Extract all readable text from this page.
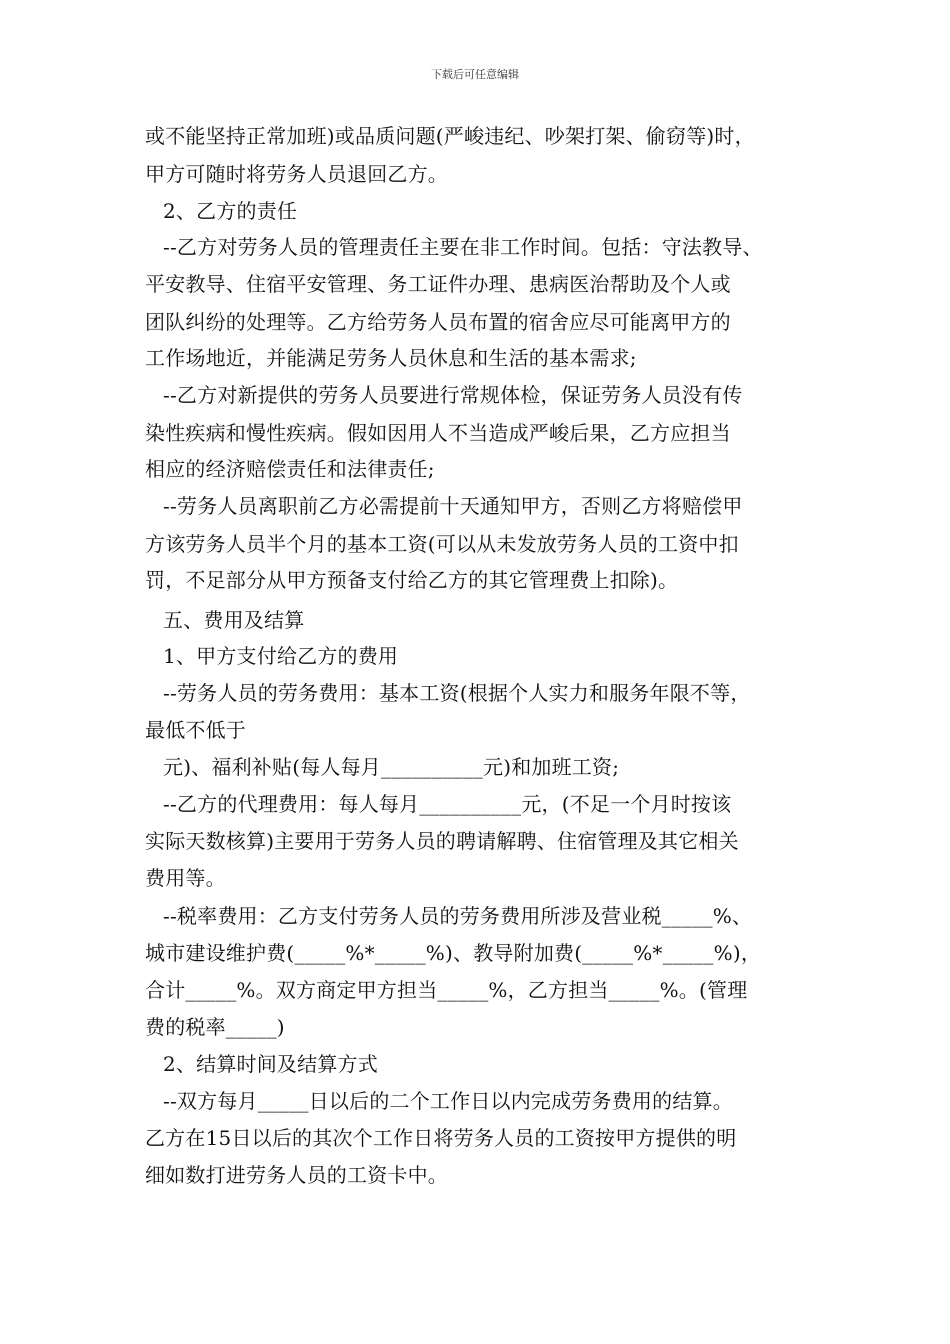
下载后可任意编辑
或不能坚持正常加班)或品质问题(严峻违纪、吵架打架、偷窃等)时，
甲方可随时将劳务人员退回乙方。
2、乙方的责任
--乙方对劳务人员的管理责任主要在非工作时间。包括：守法教导、
平安教导、住宿平安管理、务工证件办理、患病医治帮助及个人或
团队纠纷的处理等。乙方给劳务人员布置的宿舍应尽可能离甲方的
工作场地近，并能满足劳务人员休息和生活的基本需求;
--乙方对新提供的劳务人员要进行常规体检，保证劳务人员没有传
染性疾病和慢性疾病。假如因用人不当造成严峻后果，乙方应担当
相应的经济赔偿责任和法律责任;
--劳务人员离职前乙方必需提前十天通知甲方，否则乙方将赔偿甲
方该劳务人员半个月的基本工资(可以从未发放劳务人员的工资中扣
罚，不足部分从甲方预备支付给乙方的其它管理费上扣除)。
五、费用及结算
1、甲方支付给乙方的费用
--劳务人员的劳务费用：基本工资(根据个人实力和服务年限不等，
最低不低于
元)、福利补贴(每人每月__________元)和加班工资;
--乙方的代理费用：每人每月__________元，(不足一个月时按该
实际天数核算)主要用于劳务人员的聘请解聘、住宿管理及其它相关
费用等。
--税率费用：乙方支付劳务人员的劳务费用所涉及营业税_____%、
城市建设维护费(_____%*_____%)、教导附加费(_____%*_____%)，
合计_____%。双方商定甲方担当_____%，乙方担当_____%。(管理
费的税率_____)
2、结算时间及结算方式
--双方每月_____日以后的二个工作日以内完成劳务费用的结算。
乙方在15日以后的其次个工作日将劳务人员的工资按甲方提供的明
细如数打进劳务人员的工资卡中。
